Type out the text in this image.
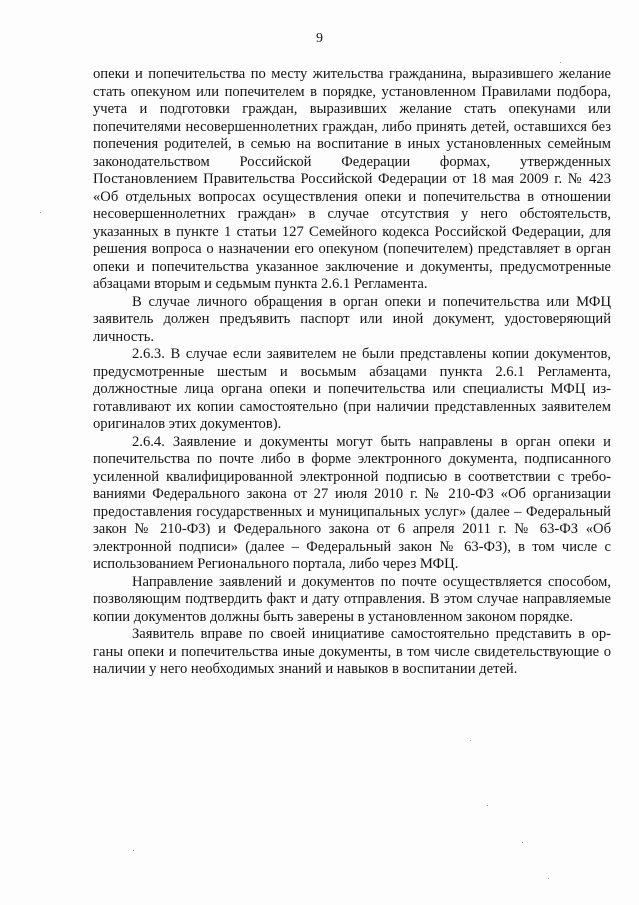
9

опеки и попечительства по месту жительства гражданина, выразившего желание стать опекуном или попечителем в порядке, установленном Правилами подбора, учета и подготовки граждан, выразивших желание стать опекунами или попечителями несовершеннолетних граждан, либо принять детей, оставшихся без попечения родителей, в семью на воспитание в иных установленных семейным законодательством Российской Федерации формах, утвержденных Постановлением Правительства Российской Федерации от 18 мая 2009 г. № 423 «Об отдельных вопросах осуществления опеки и попечительства в отношении несовершеннолетних граждан» в случае отсутствия у него обстоятельств, указанных в пункте 1 статьи 127 Семейного кодекса Российской Федерации, для решения вопроса о назначении его опекуном (попечителем) представляет в орган опеки и попечительства указанное заключение и документы, предусмотренные абзацами вторым и седьмым пункта 2.6.1 Регламента.

В случае личного обращения в орган опеки и попечительства или МФЦ заявитель должен предъявить паспорт или иной документ, удостоверяющий личность.

2.6.3. В случае если заявителем не были представлены копии документов, предусмотренные шестым и восьмым абзацами пункта 2.6.1 Регламента, должностные лица органа опеки и попечительства или специалисты МФЦ изготавливают их копии самостоятельно (при наличии представленных заявителем оригиналов этих документов).

2.6.4. Заявление и документы могут быть направлены в орган опеки и попечительства по почте либо в форме электронного документа, подписанного усиленной квалифицированной электронной подписью в соответствии с требованиями Федерального закона от 27 июля 2010 г. № 210-ФЗ «Об организации предоставления государственных и муниципальных услуг» (далее – Федеральный закон № 210-ФЗ) и Федерального закона от 6 апреля 2011 г. № 63-ФЗ «Об электронной подписи» (далее – Федеральный закон № 63-ФЗ), в том числе с использованием Регионального портала, либо через МФЦ.

Направление заявлений и документов по почте осуществляется способом, позволяющим подтвердить факт и дату отправления. В этом случае направляемые копии документов должны быть заверены в установленном законом порядке.

Заявитель вправе по своей инициативе самостоятельно представить в органы опеки и попечительства иные документы, в том числе свидетельствующие о наличии у него необходимых знаний и навыков в воспитании детей.
